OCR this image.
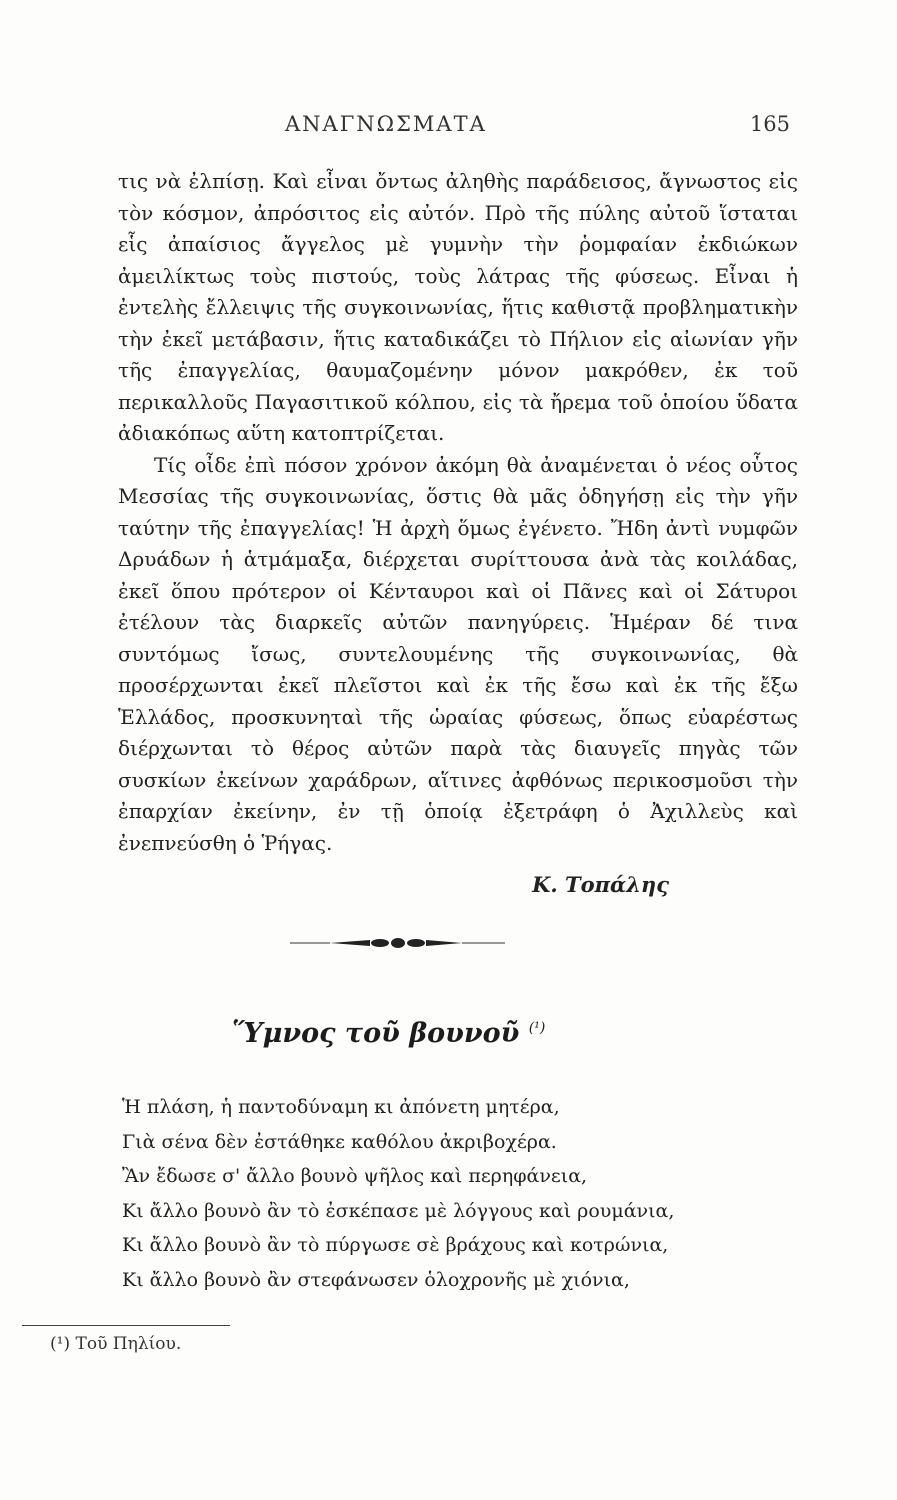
ΑΝΑΓΝΩΣΜΑΤΑ	165

τις νὰ ἐλπίσῃ. Καὶ εἶναι ὄντως ἀληθὴς παράδεισος, ἄγνωστος εἰς τὸν κόσμον, ἀπρόσιτος εἰς αὐτόν. Πρὸ τῆς πύλης αὐτοῦ ἵσταται εἷς ἀπαίσιος ἄγγελος μὲ γυμνὴν τὴν ῥομφαίαν ἐκδιώκων ἀμειλίκτως τοὺς πιστούς, τοὺς λάτρας τῆς φύσεως. Εἶναι ἡ ἐντελὴς ἔλλειψις τῆς συγκοινωνίας, ἥτις καθιστᾷ προβληματικὴν τὴν ἐκεῖ μετάβασιν, ἥτις καταδικάζει τὸ Πήλιον εἰς αἰωνίαν γῆν τῆς ἐπαγγελίας, θαυμαζομένην μόνον μακρόθεν, ἐκ τοῦ περικαλλοῦς Παγασιτικοῦ κόλπου, εἰς τὰ ἤρεμα τοῦ ὁποίου ὕδατα ἀδιακόπως αὕτη κατοπτρίζεται.

Τίς οἶδε ἐπὶ πόσον χρόνον ἀκόμη θὰ ἀναμένεται ὁ νέος οὗτος Μεσσίας τῆς συγκοινωνίας, ὅστις θὰ μᾶς ὁδηγήσῃ εἰς τὴν γῆν ταύτην τῆς ἐπαγγελίας! Ἡ ἀρχὴ ὅμως ἐγένετο. Ἤδη ἀντὶ νυμφῶν Δρυάδων ἡ ἁτμάμαξα, διέρχεται συρίττουσα ἀνὰ τὰς κοιλάδας, ἐκεῖ ὅπου πρότερον οἱ Κένταυροι καὶ οἱ Πᾶνες καὶ οἱ Σάτυροι ἐτέλουν τὰς διαρκεῖς αὐτῶν πανηγύρεις. Ἡμέραν δέ τινα συντόμως ἴσως, συντελουμένης τῆς συγκοινωνίας, θὰ προσέρχωνται ἐκεῖ πλεῖστοι καὶ ἐκ τῆς ἔσω καὶ ἐκ τῆς ἔξω Ἑλλάδος, προσκυνηταὶ τῆς ὡραίας φύσεως, ὅπως εὐαρέστως διέρχωνται τὸ θέρος αὐτῶν παρὰ τὰς διαυγεῖς πηγὰς τῶν συσκίων ἐκείνων χαράδρων, αἵτινες ἀφθόνως περικοσμοῦσι τὴν ἐπαρχίαν ἐκείνην, ἐν τῇ ὁποίᾳ ἐξετράφη ὁ Ἀχιλλεὺς καὶ ἐνεπνεύσθη ὁ Ῥήγας.

Κ. Τοπάλης
Ὕμνος τοῦ βουνοῦ $^{(^1)}$
Ἡ πλάση, ἡ παντοδύναμη κι ἀπόνετη μητέρα,
Γιὰ σένα δὲν ἐστάθηκε καθόλου ἀκριβοχέρα.
Ἂν ἔδωσε σ' ἄλλο βουνὸ ψῆλος καὶ περηφάνεια,
Κι ἄλλο βουνὸ ἂν τὸ ἐσκέπασε μὲ λόγγους καὶ ρουμάνια,
Κι ἄλλο βουνὸ ἂν τὸ πύργωσε σὲ βράχους καὶ κοτρώνια,
Κι ἄλλο βουνὸ ἂν στεφάνωσεν ὁλοχρονῆς μὲ χιόνια,
(¹) Τοῦ Πηλίου.
